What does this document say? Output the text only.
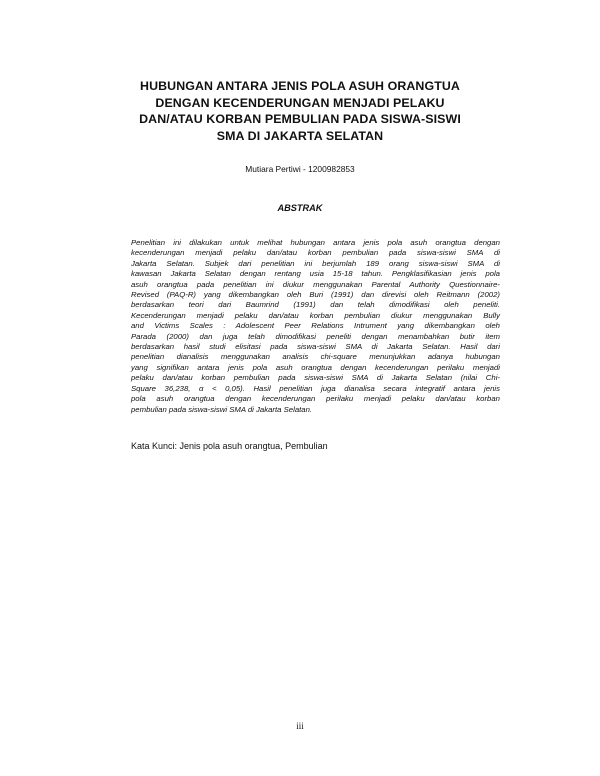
HUBUNGAN ANTARA JENIS POLA ASUH ORANGTUA
DENGAN KECENDERUNGAN MENJADI PELAKU
DAN/ATAU KORBAN PEMBULIAN PADA SISWA-SISWI
SMA DI JAKARTA SELATAN

Mutiara Pertiwi - 1200982853

ABSTRAK
Penelitian ini dilakukan untuk melihat hubungan antara jenis pola asuh orangtua dengan
kecenderungan menjadi pelaku dan/atau korban pembulian pada siswa-siswi SMA di
Jakarta Selatan. Subjek dari penelitian ini berjumlah 189 orang siswa-siswi SMA di
kawasan Jakarta Selatan dengan rentang usia 15-18 tahun. Pengklasifikasian jenis pola
asuh orangtua pada penelitian ini diukur menggunakan Parental Authority Questionnaire-
Revised (PAQ-R) yang dikembangkan oleh Buri (1991) dan direvisi oleh Reitmann (2002)
berdasarkan teori dari Baumrind (1991) dan telah dimodifikasi oleh peneliti.
Kecenderungan menjadi pelaku dan/atau korban pembulian diukur menggunakan Bully
and Victims Scales : Adolescent Peer Relations Intrument yang dikembangkan oleh
Parada (2000) dan juga telah dimodifikasi peneliti dengan menambahkan butir item
berdasarkan hasil studi elisitasi pada siswa-siswi SMA di Jakarta Selatan. Hasil dari
penelitian dianalisis menggunakan analisis chi-square menunjukkan adanya hubungan
yang signifikan antara jenis pola asuh orangtua dengan kecenderungan perilaku menjadi
pelaku dan/atau korban pembulian pada siswa-siswi SMA di Jakarta Selatan (nilai Chi-
Square 36,238, α < 0,05). Hasil penelitian juga dianalisa secara integratif antara jenis
pola asuh orangtua dengan kecenderungan perilaku menjadi pelaku dan/atau korban
pembulian pada siswa-siswi SMA di Jakarta Selatan.

Kata Kunci: Jenis pola asuh orangtua, Pembulian

iii
